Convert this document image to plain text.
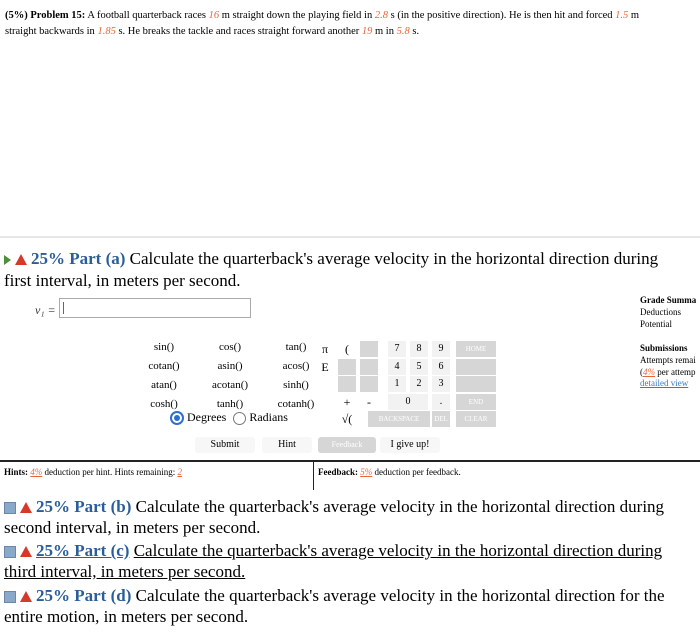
(5%) Problem 15: A football quarterback races 16 m straight down the playing field in 2.8 s (in the positive direction). He is then hit and forced 1.5 m
straight backwards in 1.85 s. He breaks the tackle and races straight forward another 19 m in 5.8 s.
25% Part (a) Calculate the quarterback's average velocity in the horizontal direction during
first interval, in meters per second.
v₁ =
Grade Summa
Deductions
Potential
Submissions
Attempts remai
(4% per attemp
detailed view
sin()	cos()	tan()
cotan()	asin()	acos()
atan()	acotan()	sinh()
cosh()	tanh()	cotanh()
Degrees Radians
π	(
E
+	-
√(
7	8	9	HOME
4	5	6
1	2	3
0	.	END
BACKSPACE	DEL	CLEAR
Submit	Hint	Feedback	I give up!
Hints: 4% deduction per hint. Hints remaining: 2	Feedback: 5% deduction per feedback.
25% Part (b) Calculate the quarterback's average velocity in the horizontal direction during
second interval, in meters per second.
25% Part (c) Calculate the quarterback's average velocity in the horizontal direction during
third interval, in meters per second.
25% Part (d) Calculate the quarterback's average velocity in the horizontal direction for the
entire motion, in meters per second.
